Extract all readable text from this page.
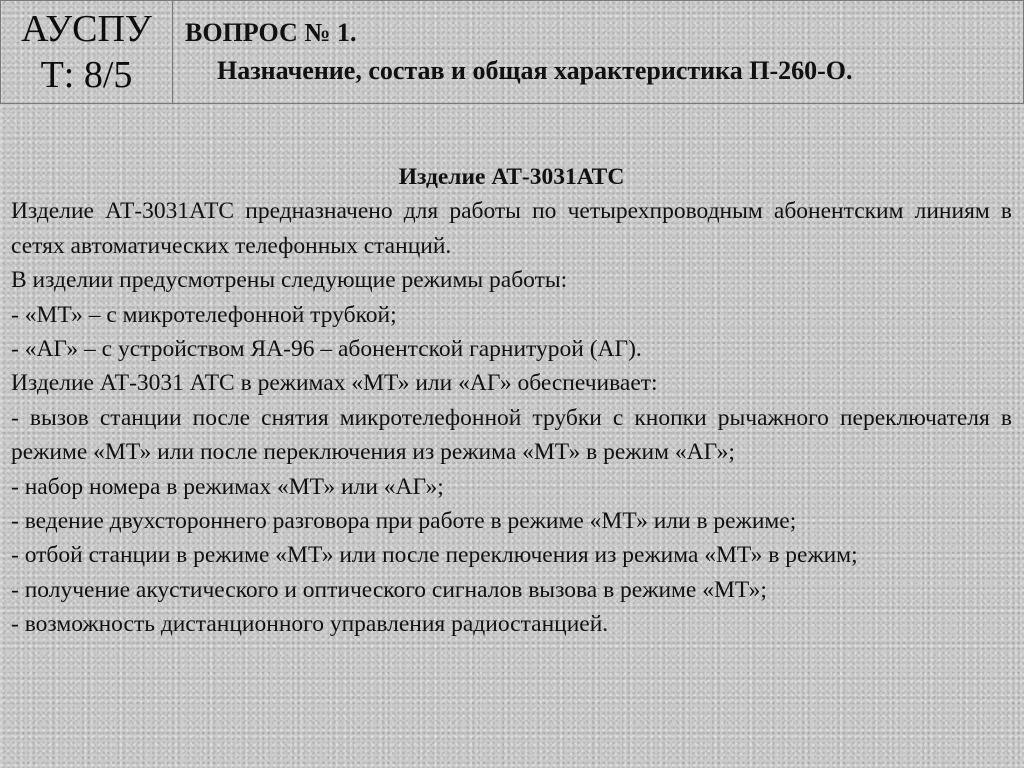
АУСПУ
Т: 8/5
ВОПРОС № 1.
Назначение, состав и общая характеристика П-260-О.
Изделие АТ-3031АТС

Изделие АТ-3031АТС предназначено для работы по четырехпроводным абонентским линиям в сетях автоматических телефонных станций.

В изделии предусмотрены следующие режимы работы:

- «МТ» – с микротелефонной трубкой;

- «АГ» – с устройством ЯА-96 – абонентской гарнитурой (АГ).

Изделие АТ-3031 АТС в режимах «МТ» или «АГ» обеспечивает:

- вызов станции после снятия микротелефонной трубки с кнопки рычажного переключателя в режиме «МТ» или после переключения из режима «МТ» в режим «АГ»;

- набор номера в режимах «МТ» или «АГ»;

- ведение двухстороннего разговора при работе в режиме «МТ» или в режиме;

- отбой станции в режиме «МТ» или после переключения из режима «МТ» в режим;

- получение акустического и оптического сигналов вызова в режиме «МТ»;

- возможность дистанционного управления радиостанцией.
